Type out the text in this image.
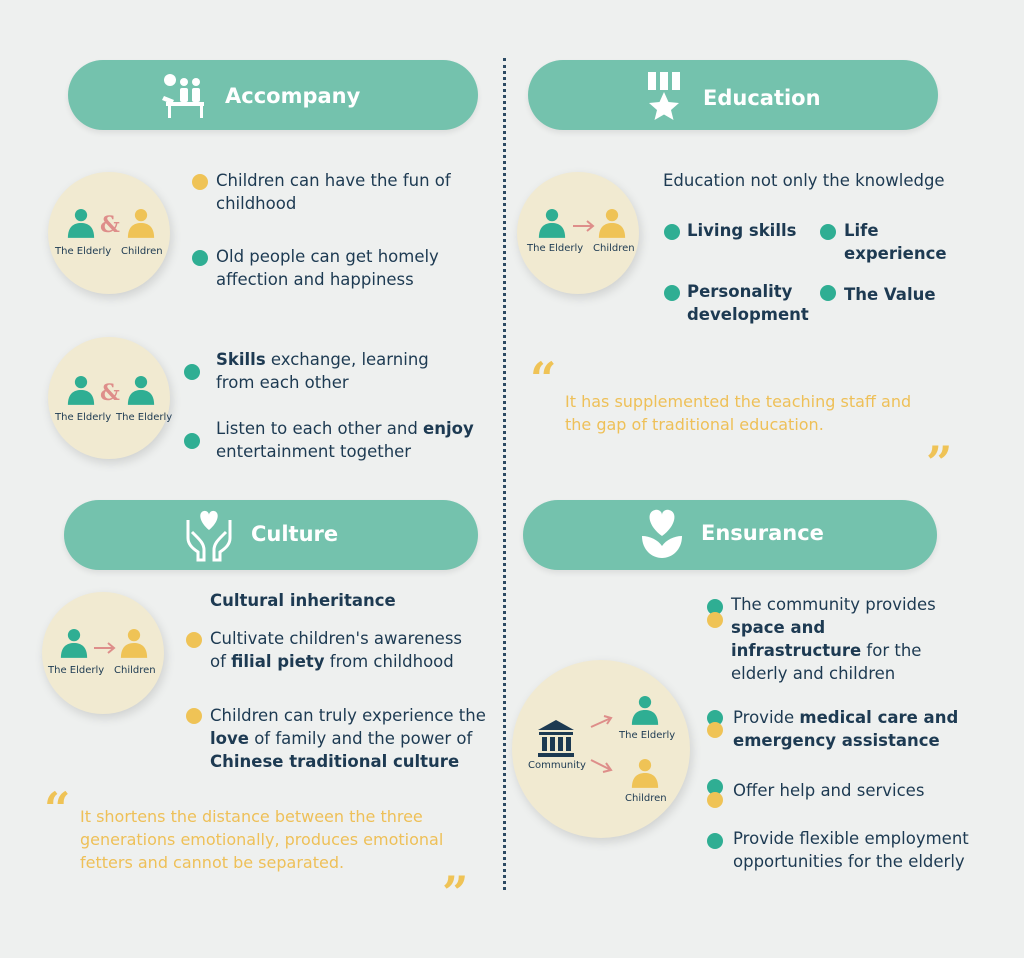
Accompany
&
The Elderly Children
Children can have the fun of childhood
Old people can get homely affection and happiness
&
The Elderly The Elderly
Skills exchange, learning from each other
Listen to each other and enjoy entertainment together
Education
The Elderly Children
Education not only the knowledge
Living skills	Life experience
Personality development
The Value
“ It has supplemented the teaching staff and the gap of traditional education.
”
Culture
The Elderly Children
Cultural inheritance
Cultivate children's awareness of filial piety from childhood
Children can truly experience the love of family and the power of Chinese traditional culture
“ It shortens the distance between the three generations emotionally, produces emotional fetters and cannot be separated.
”
Ensurance
Community
The Elderly
Children
The community provides space and infrastructure for the elderly and children
Provide medical care and emergency assistance
Offer help and services
Provide flexible employment opportunities for the elderly
